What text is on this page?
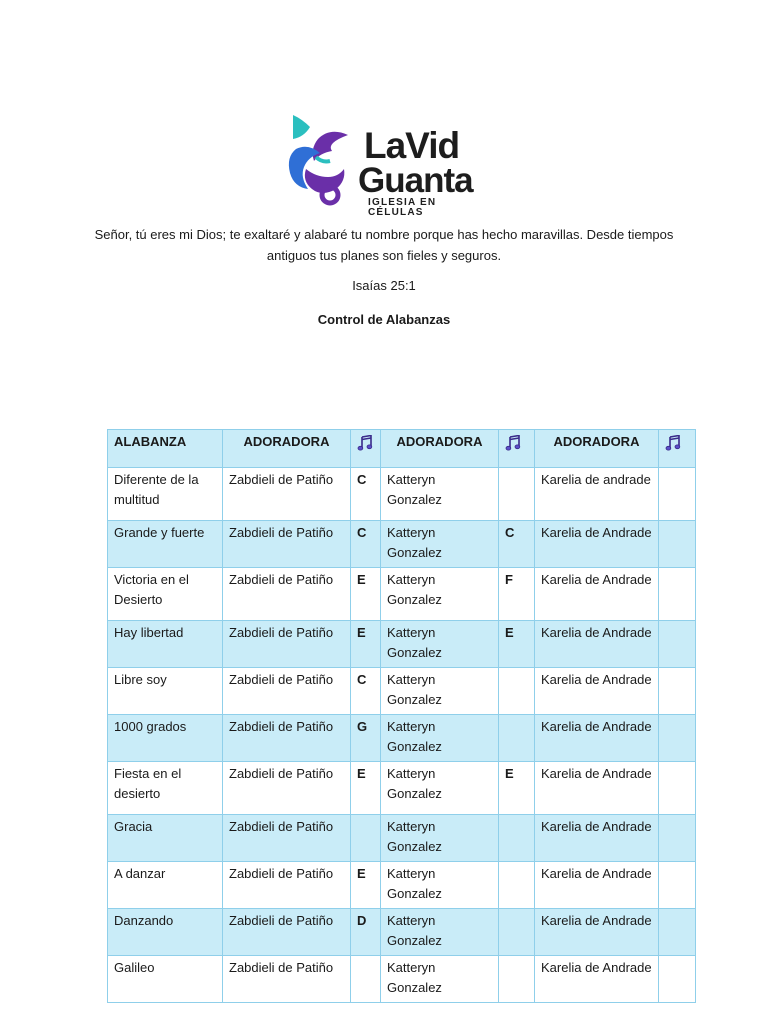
LaVid
Guanta
IGLESIA EN CÉLULAS
Señor, tú eres mi Dios; te exaltaré y alabaré tu nombre porque has hecho maravillas. Desde tiempos antiguos tus planes son fieles y seguros.
Isaías 25:1
Control de Alabanzas
ALABANZA	ADORADORA		ADORADORA		ADORADORA	
Diferente de la multitud	Zabdieli de Patiño	C	Katteryn Gonzalez		Karelia de andrade	
Grande y fuerte	Zabdieli de Patiño	C	Katteryn Gonzalez	C	Karelia de Andrade	
Victoria en el Desierto	Zabdieli de Patiño	E	Katteryn Gonzalez	F	Karelia de Andrade	
Hay libertad	Zabdieli de Patiño	E	Katteryn Gonzalez	E	Karelia de Andrade	
Libre soy	Zabdieli de Patiño	C	Katteryn Gonzalez		Karelia de Andrade	
1000 grados	Zabdieli de Patiño	G	Katteryn Gonzalez		Karelia de Andrade	
Fiesta en el desierto	Zabdieli de Patiño	E	Katteryn Gonzalez	E	Karelia de Andrade	
Gracia	Zabdieli de Patiño		Katteryn Gonzalez		Karelia de Andrade	
A danzar	Zabdieli de Patiño	E	Katteryn Gonzalez		Karelia de Andrade	
Danzando	Zabdieli de Patiño	D	Katteryn Gonzalez		Karelia de Andrade	
Galileo	Zabdieli de Patiño		Katteryn Gonzalez		Karelia de Andrade	
